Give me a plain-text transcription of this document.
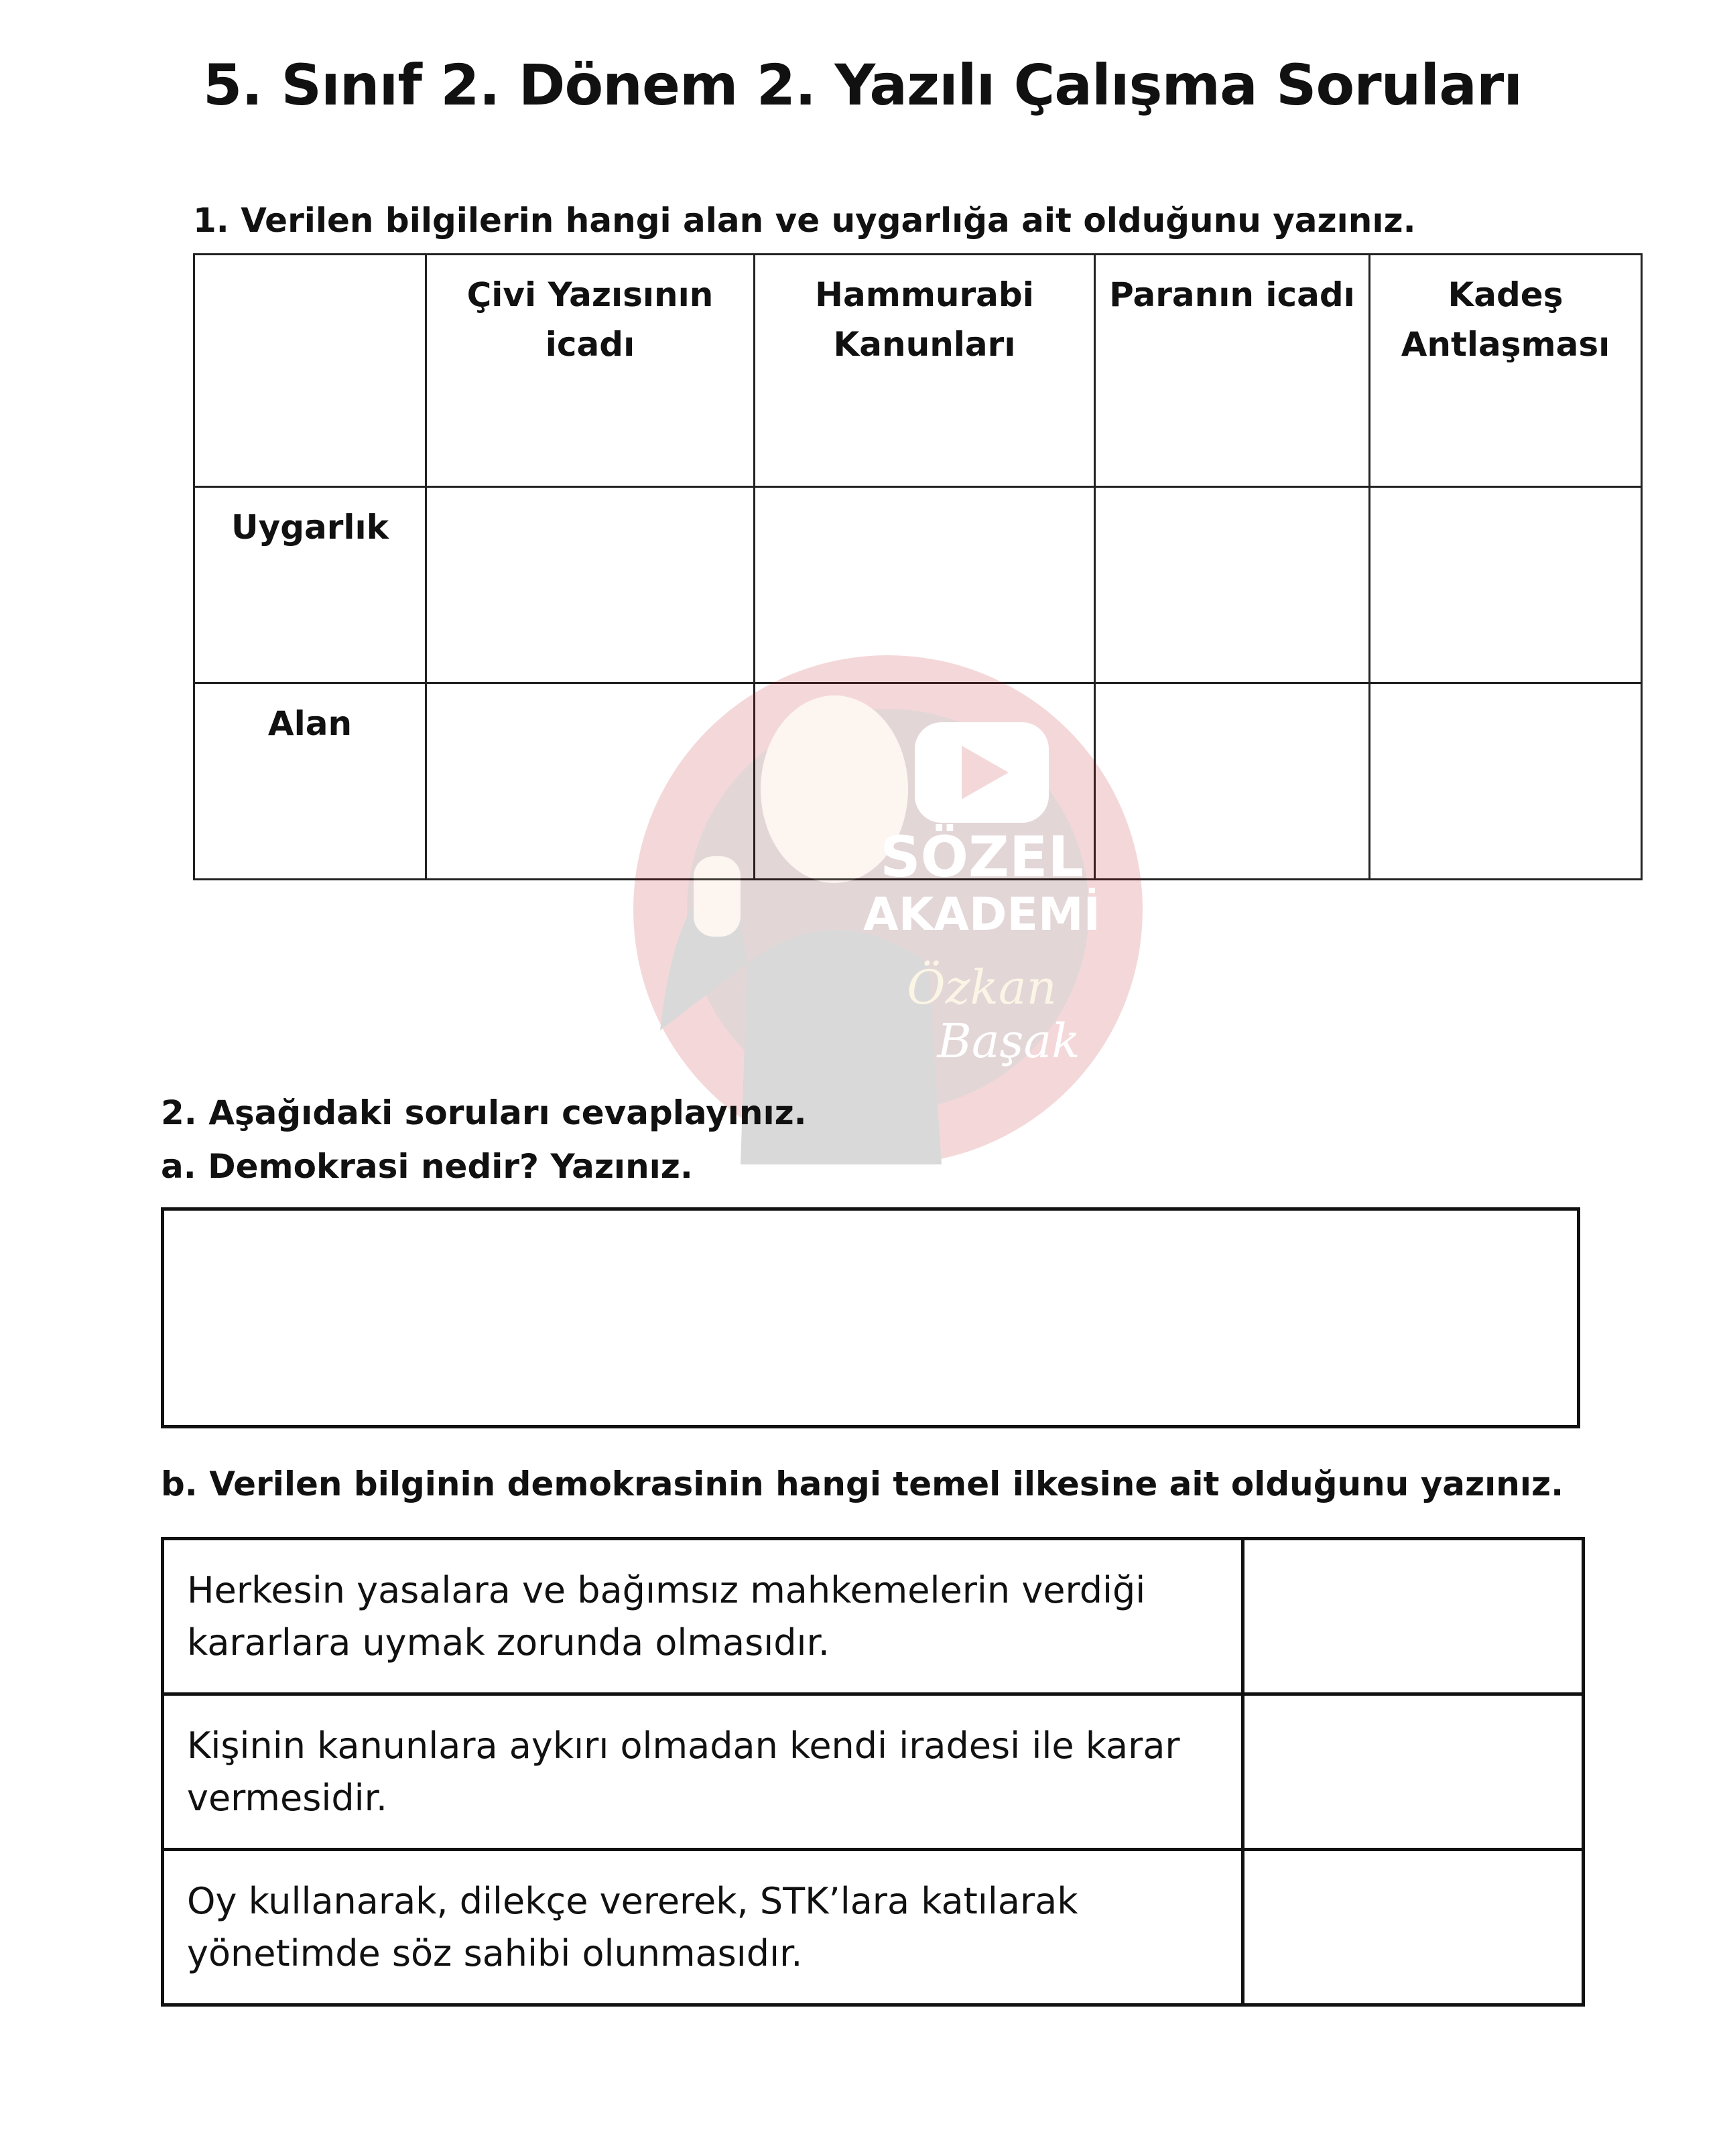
5. Sınıf 2. Dönem 2. Yazılı Çalışma Soruları
1. Verilen bilgilerin hangi alan ve uygarlığa ait olduğunu yazınız.
	Çivi Yazısının icadı	Hammurabi Kanunları	Paranın icadı	Kadeş Antlaşması
Uygarlık				
Alan				
SÖZEL
AKADEMİ
Özkan
Başak
2. Aşağıdaki soruları cevaplayınız.
a. Demokrasi nedir? Yazınız.
b. Verilen bilginin demokrasinin hangi temel ilkesine ait olduğunu yazınız.
Herkesin yasalara ve bağımsız mahkemelerin verdiği kararlara uymak zorunda olmasıdır.	
Kişinin kanunlara aykırı olmadan kendi iradesi ile karar vermesidir.	
Oy kullanarak, dilekçe vererek, STK’lara katılarak yönetimde söz sahibi olunmasıdır.	
